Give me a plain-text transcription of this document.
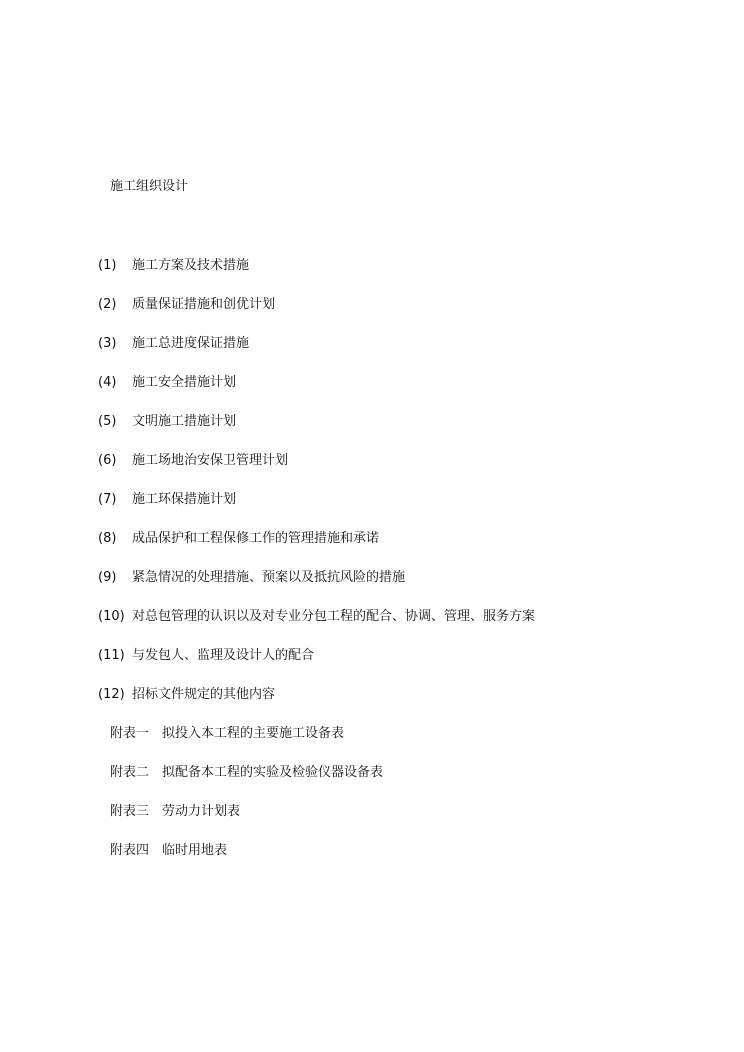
施工组织设计
(1)	施工方案及技术措施
(2)	质量保证措施和创优计划
(3)	施工总进度保证措施
(4)	施工安全措施计划
(5)	文明施工措施计划
(6)	施工场地治安保卫管理计划
(7)	施工环保措施计划
(8)	成品保护和工程保修工作的管理措施和承诺
(9)	紧急情况的处理措施、预案以及抵抗风险的措施
(10) 对总包管理的认识以及对专业分包工程的配合、协调、管理、服务方案
(11) 与发包人、监理及设计人的配合
(12) 招标文件规定的其他内容
附表一 拟投入本工程的主要施工设备表
附表二 拟配备本工程的实验及检验仪器设备表
附表三 劳动力计划表
附表四 临时用地表
